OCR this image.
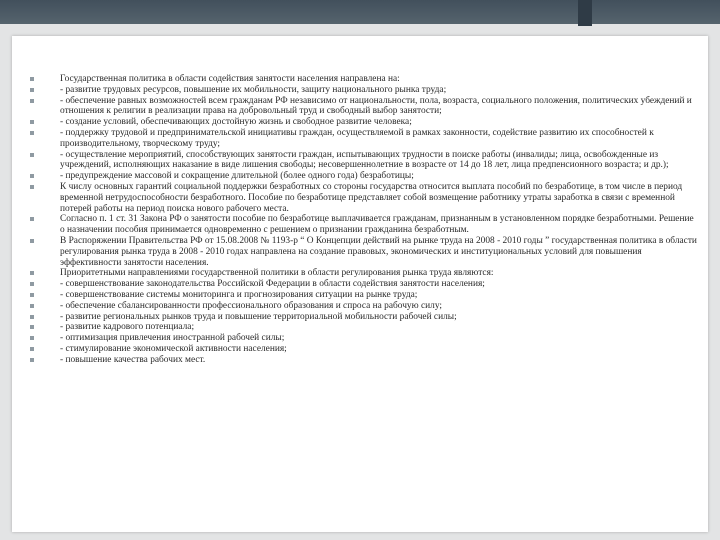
Государственная политика в области содействия занятости населения направлена на:
- развитие трудовых ресурсов, повышение их мобильности, защиту национального рынка труда;
- обеспечение равных возможностей всем гражданам РФ независимо от национальности, пола, возраста, социального положения, политических убеждений и отношения к религии в реализации права на добровольный труд и свободный выбор занятости;
- создание условий, обеспечивающих достойную жизнь и свободное развитие человека;
- поддержку трудовой и предпринимательской инициативы граждан, осуществляемой в рамках законности, содействие развитию их способностей к производительному, творческому труду;
- осуществление мероприятий, способствующих занятости граждан, испытывающих трудности в поиске работы (инвалиды; лица, освобожденные из учреждений, исполняющих наказание в виде лишения свободы; несовершеннолетние в возрасте от 14 до 18 лет, лица предпенсионного возраста; и др.);
- предупреждение массовой и сокращение длительной (более одного года) безработицы;
К числу основных гарантий социальной поддержки безработных со стороны государства относится выплата пособий по безработице, в том числе в период временной нетрудоспособности безработного. Пособие по безработице представляет собой возмещение работнику утраты заработка в связи с временной потерей работы на период поиска нового рабочего места.
Согласно п. 1 ст. 31 Закона РФ о занятости пособие по безработице выплачивается гражданам, признанным в установленном порядке безработными. Решение о назначении пособия принимается одновременно с решением о признании гражданина безработным.
В Распоряжении Правительства РФ от 15.08.2008 № 1193-р “ О Концепции действий на рынке труда на 2008 - 2010 годы ” государственная политика в области регулирования рынка труда в 2008 - 2010 годах направлена на создание правовых, экономических и институциональных условий для повышения эффективности занятости населения.
Приоритетными направлениями государственной политики в области регулирования рынка труда являются:
- совершенствование законодательства Российской Федерации в области содействия занятости населения;
- совершенствование системы мониторинга и прогнозирования ситуации на рынке труда;
- обеспечение сбалансированности профессионального образования и спроса на рабочую силу;
- развитие региональных рынков труда и повышение территориальной мобильности рабочей силы;
- развитие кадрового потенциала;
- оптимизация привлечения иностранной рабочей силы;
- стимулирование экономической активности населения;
- повышение качества рабочих мест.
